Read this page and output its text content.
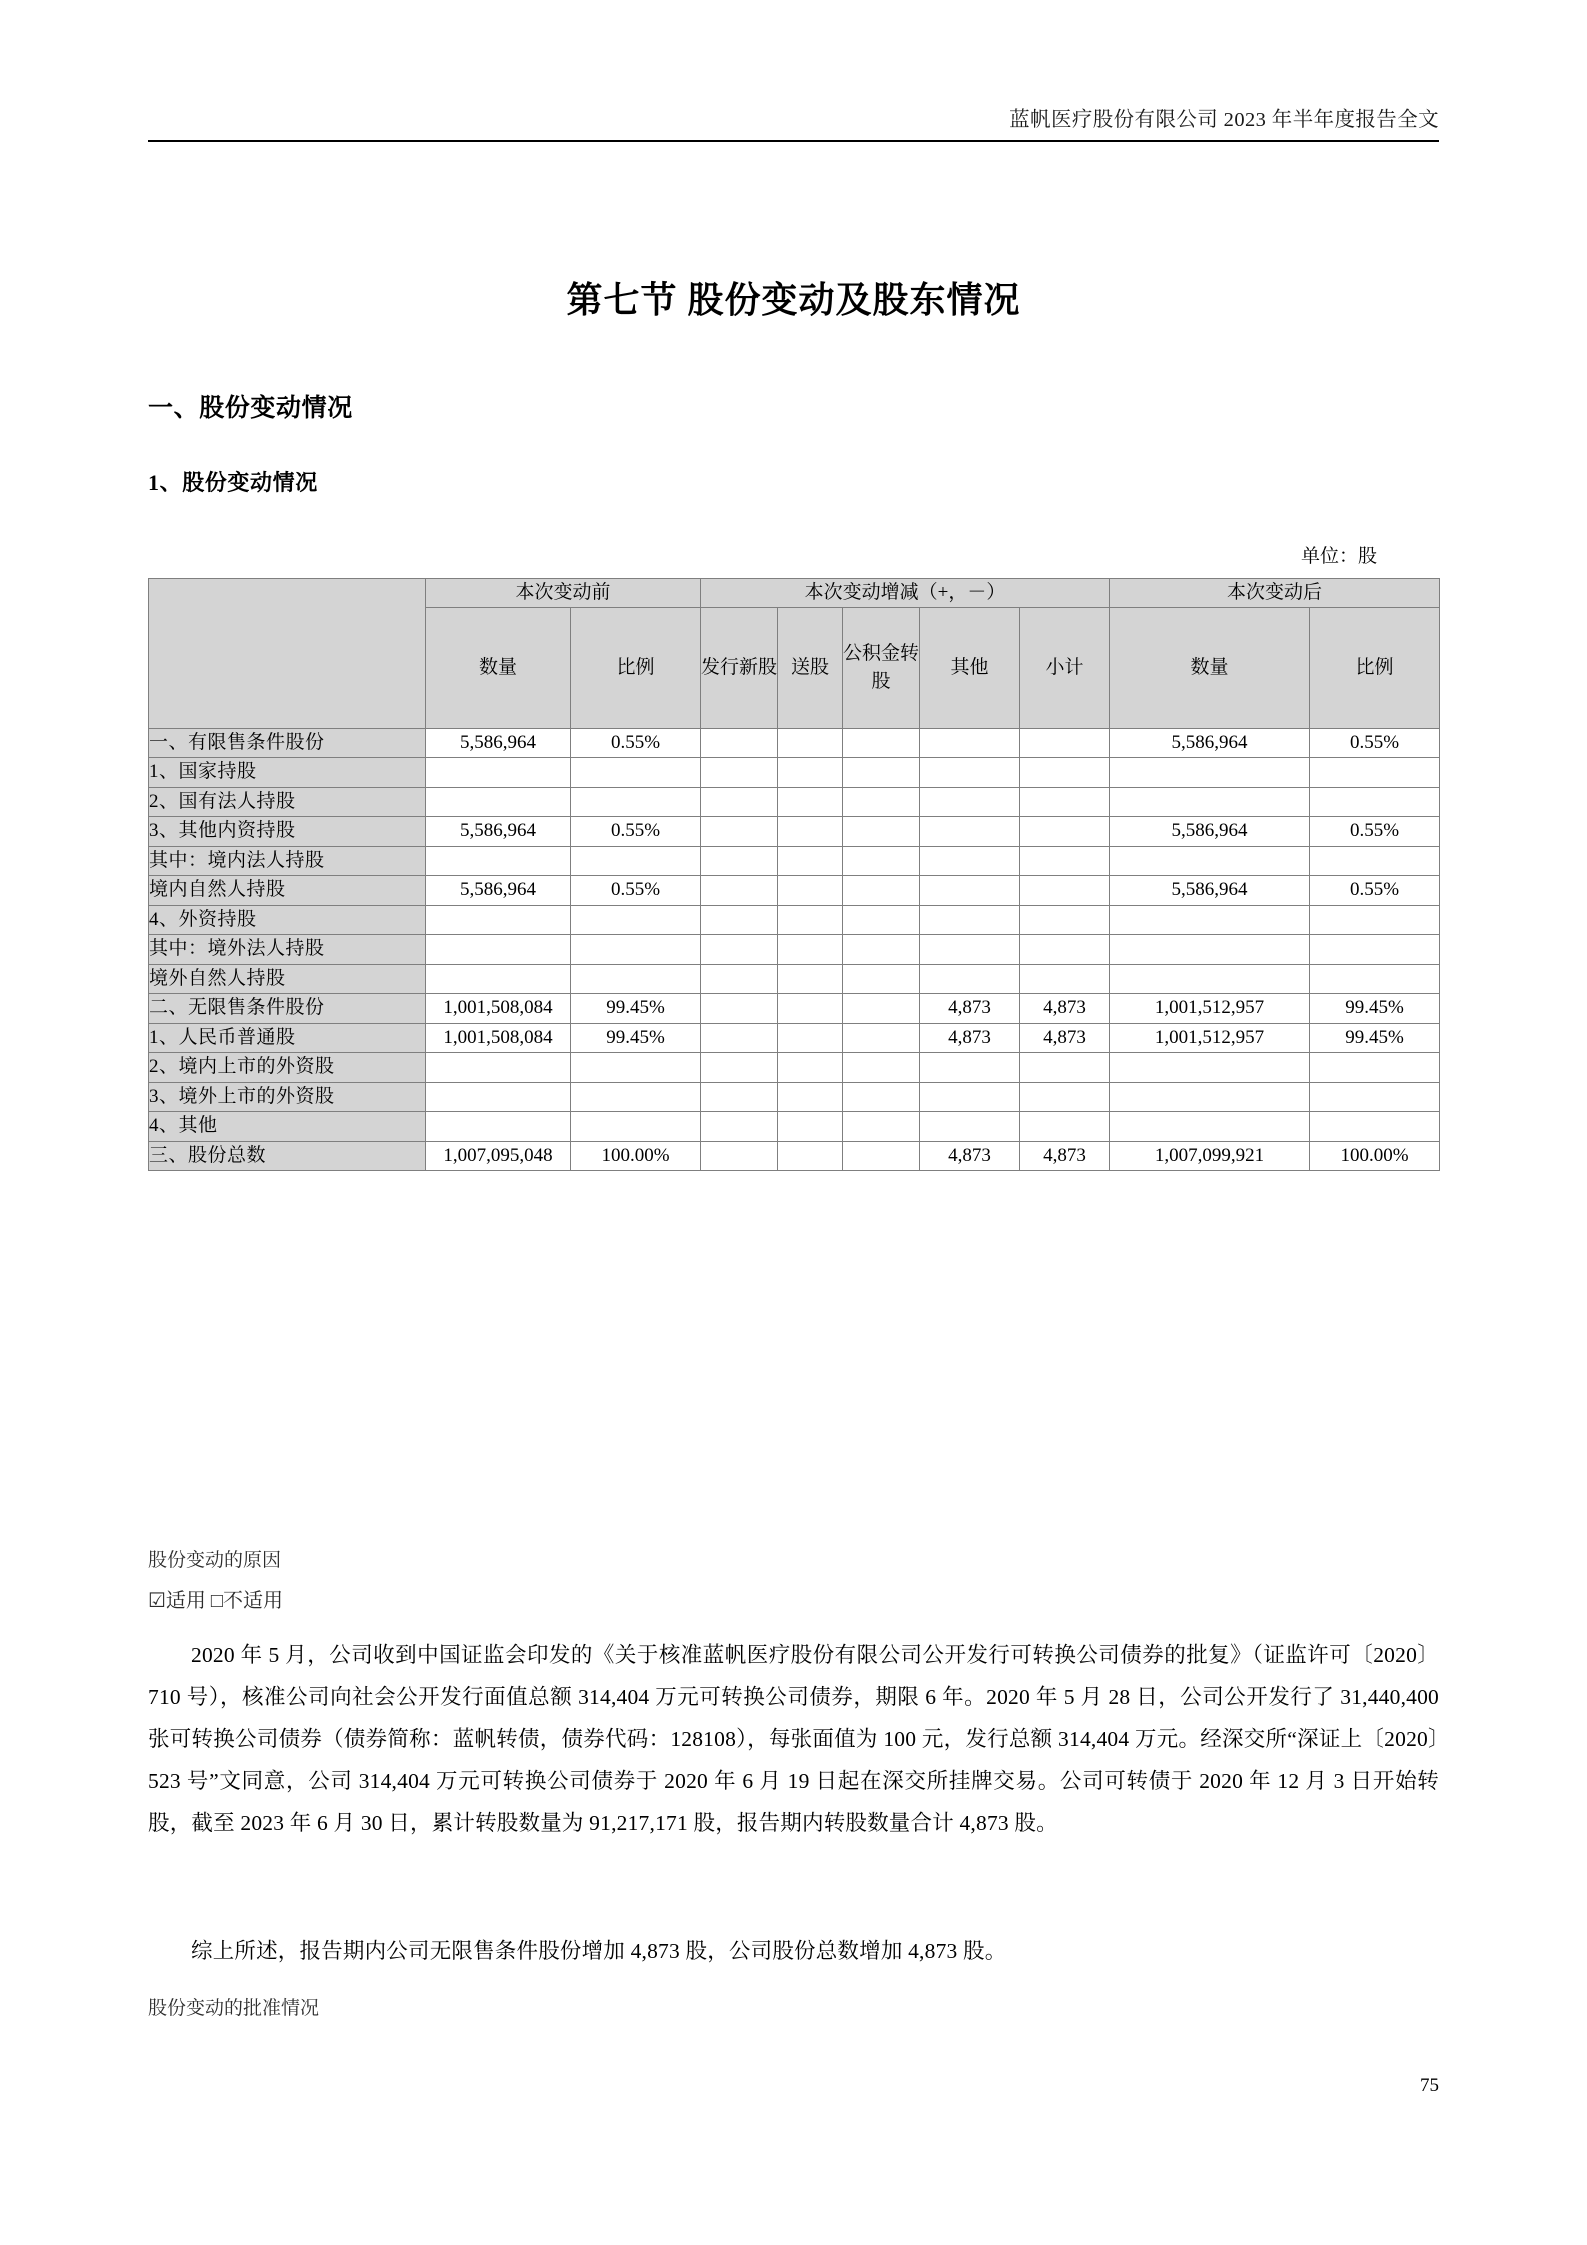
蓝帆医疗股份有限公司 2023 年半年度报告全文
第七节 股份变动及股东情况
一、股份变动情况
1、股份变动情况
单位：股
	本次变动前		本次变动增减（+，－）					本次变动后	
	数量	比例	发行新股	送股	公积金转股	其他	小计	数量	比例
一、有限售条件股份	5,586,964	0.55%						5,586,964	0.55%
1、国家持股									
2、国有法人持股									
3、其他内资持股	5,586,964	0.55%						5,586,964	0.55%
其中：境内法人持股									
境内自然人持股	5,586,964	0.55%						5,586,964	0.55%
4、外资持股									
其中：境外法人持股									
境外自然人持股									
二、无限售条件股份	1,001,508,084	99.45%				4,873	4,873	1,001,512,957	99.45%
1、人民币普通股	1,001,508,084	99.45%				4,873	4,873	1,001,512,957	99.45%
2、境内上市的外资股									
3、境外上市的外资股									
4、其他									
三、股份总数	1,007,095,048	100.00%				4,873	4,873	1,007,099,921	100.00%
股份变动的原因
☑适用 □不适用
2020 年 5 月，公司收到中国证监会印发的《关于核准蓝帆医疗股份有限公司公开发行可转换公司债券的批复》（证监许可〔2020〕710 号），核准公司向社会公开发行面值总额 314,404 万元可转换公司债券，期限 6 年。2020 年 5 月 28 日，公司公开发行了 31,440,400 张可转换公司债券（债券简称：蓝帆转债，债券代码：128108），每张面值为 100 元，发行总额 314,404 万元。经深交所“深证上〔2020〕523 号”文同意，公司 314,404 万元可转换公司债券于 2020 年 6 月 19 日起在深交所挂牌交易。公司可转债于 2020 年 12 月 3 日开始转股，截至 2023 年 6 月 30 日，累计转股数量为 91,217,171 股，报告期内转股数量合计 4,873 股。
综上所述，报告期内公司无限售条件股份增加 4,873 股，公司股份总数增加 4,873 股。
股份变动的批准情况
75
